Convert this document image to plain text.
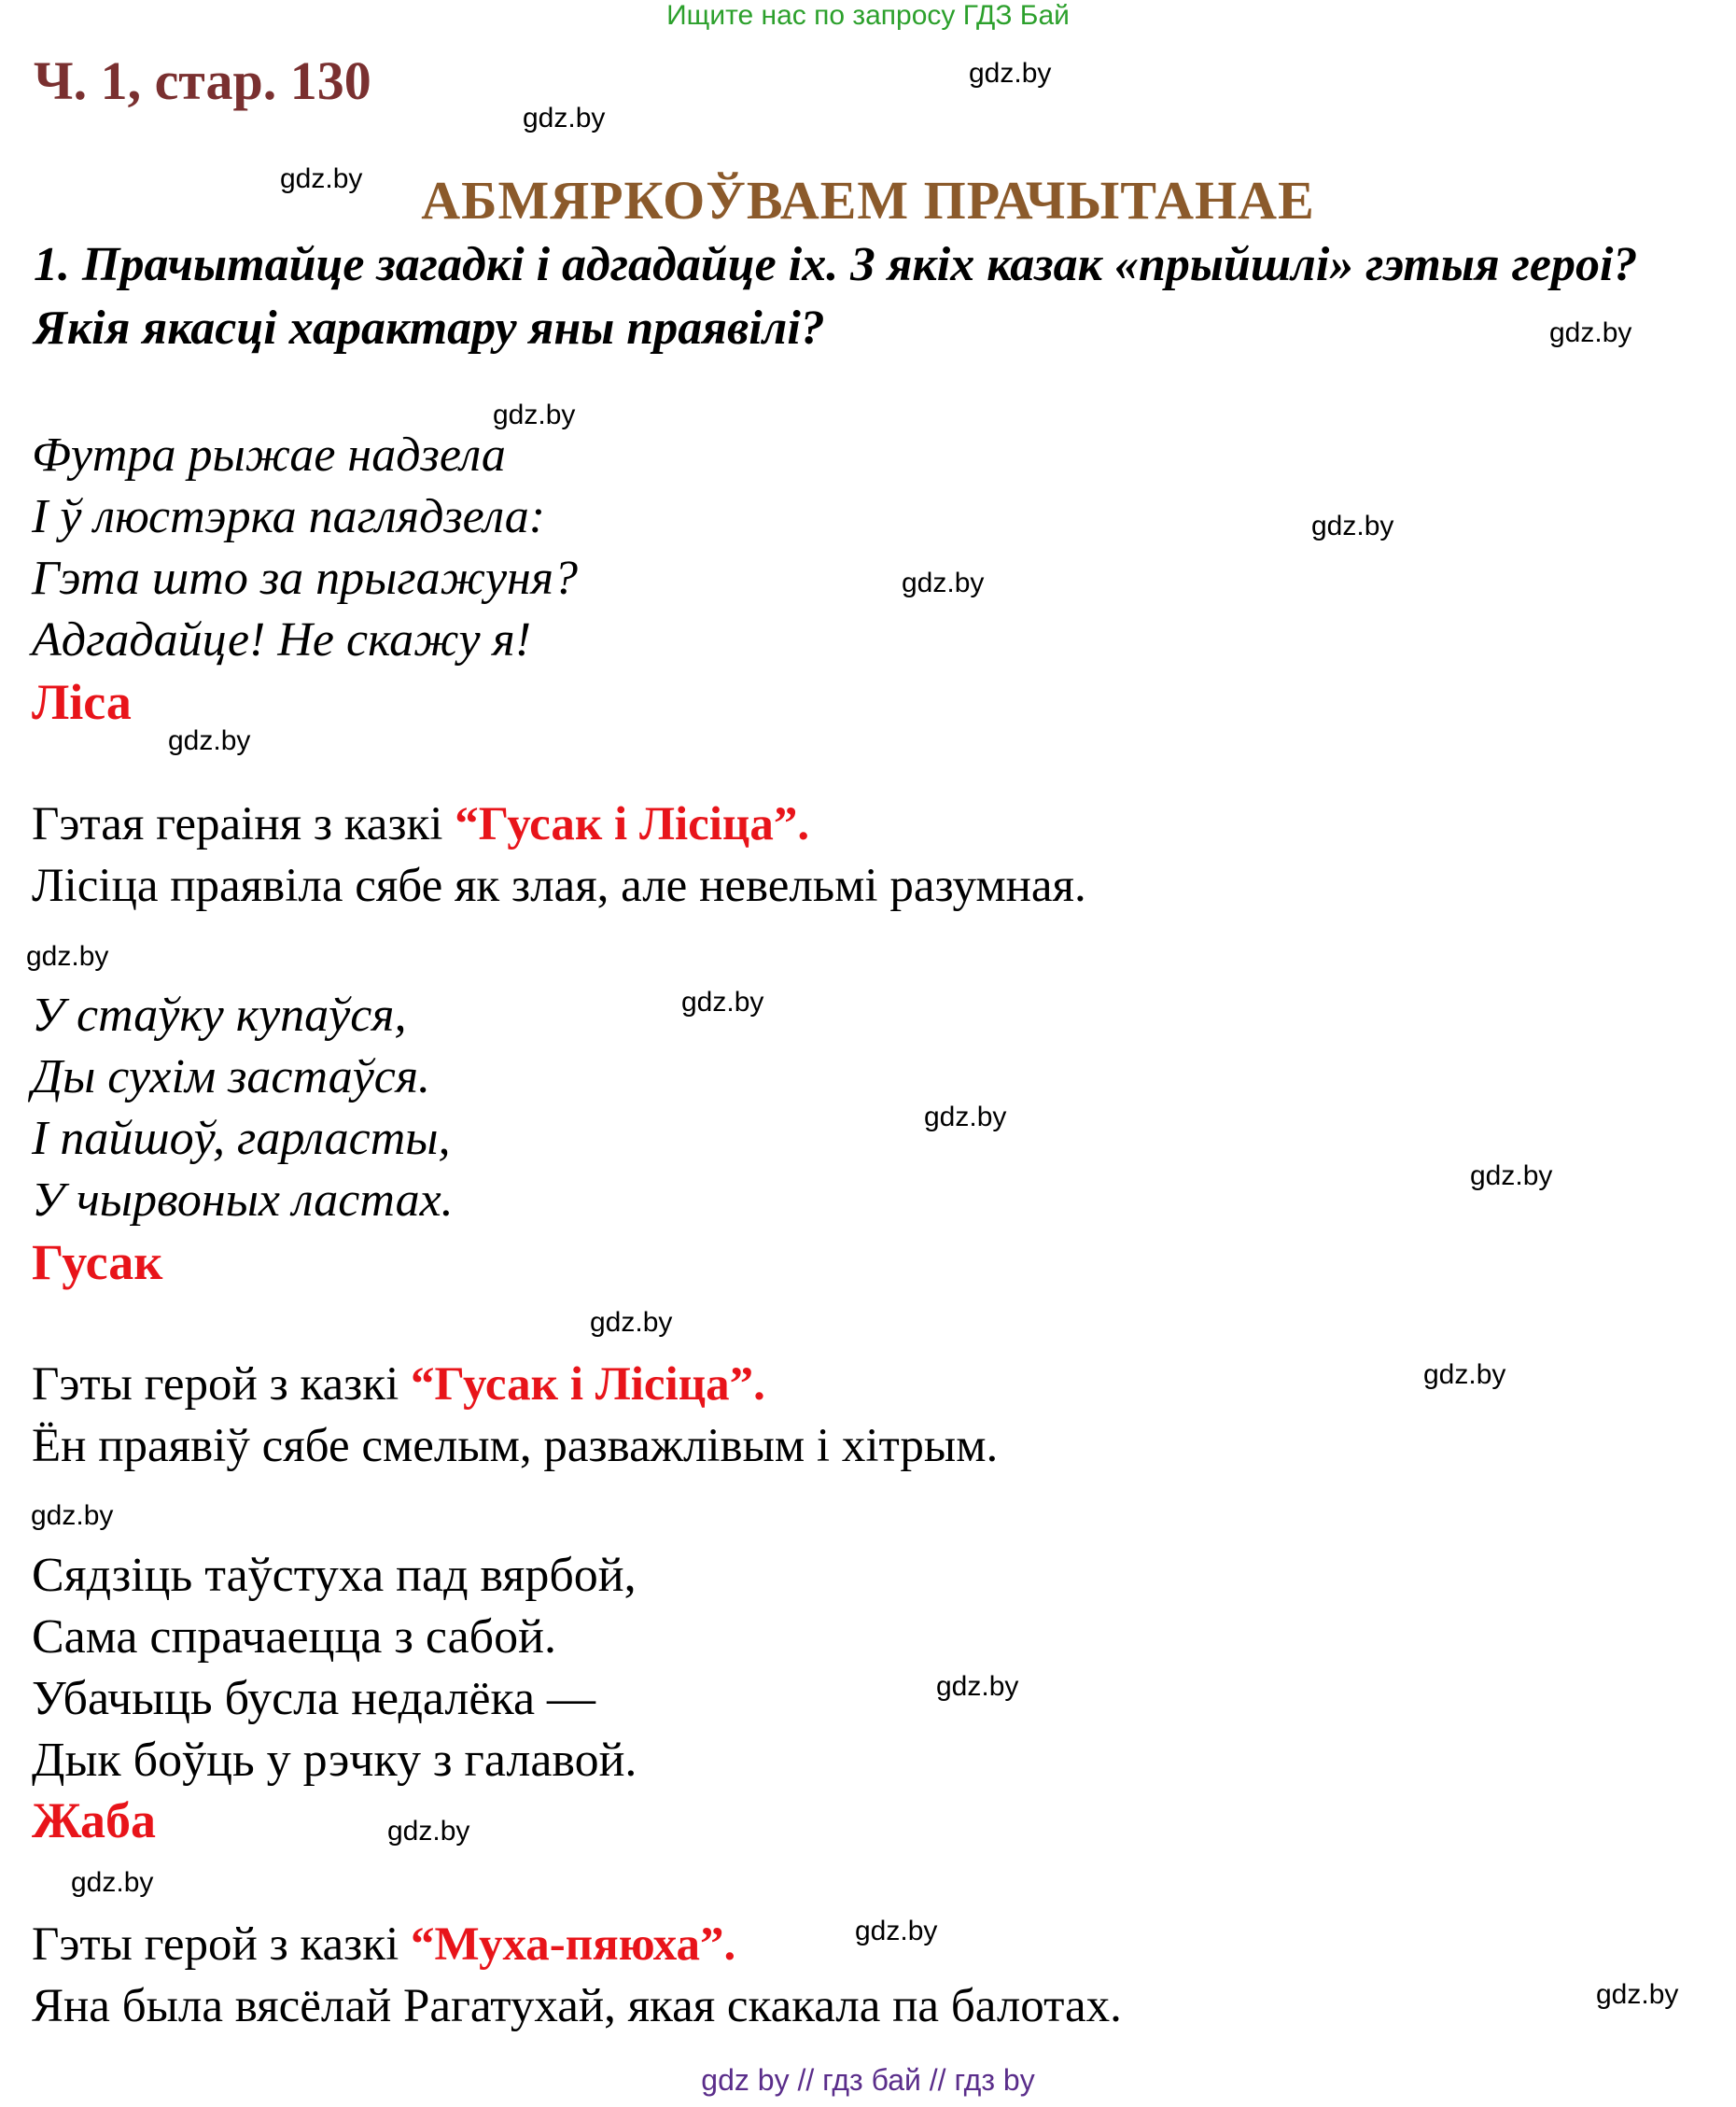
Ищите нас по запросу ГДЗ Бай
Ч. 1, стар. 130
АБМЯРКОЎВАЕМ ПРАЧЫТАНАЕ
1. Прачытайце загадкі і адгадайце іх. З якіх казак «прыйшлі» гэтыя героі? Якія якасці характару яны праявілі?
Футра рыжае надзела
І ў люстэрка паглядзела:
Гэта што за прыгажуня?
Адгадайце! Не скажу я!
Ліса
Гэтая гераіня з казкі “Гусак і Лісіца”.
Лісіца праявіла сябе як злая, але невельмі разумная.
У стаўку купаўся,
Ды сухім застаўся.
І пайшоў, гарласты,
У чырвоных ластах.
Гусак
Гэты герой з казкі “Гусак і Лісіца”.
Ён праявіў сябе смелым, разважлівым і хітрым.
Сядзіць таўстуха пад вярбой,
Сама спрачаецца з сабой.
Убачыць бусла недалёка —
Дык боўць у рэчку з галавой.
Жаба
Гэты герой з казкі “Муха-пяюха”.
Яна была вясёлай Рагатухай, якая скакала па балотах.
gdz.by
gdz.by
gdz.by
gdz.by
gdz.by
gdz.by
gdz.by
gdz.by
gdz.by
gdz.by
gdz.by
gdz.by
gdz.by
gdz.by
gdz.by
gdz.by
gdz.by
gdz.by
gdz.by
gdz.by
gdz by // гдз бай // гдз by
